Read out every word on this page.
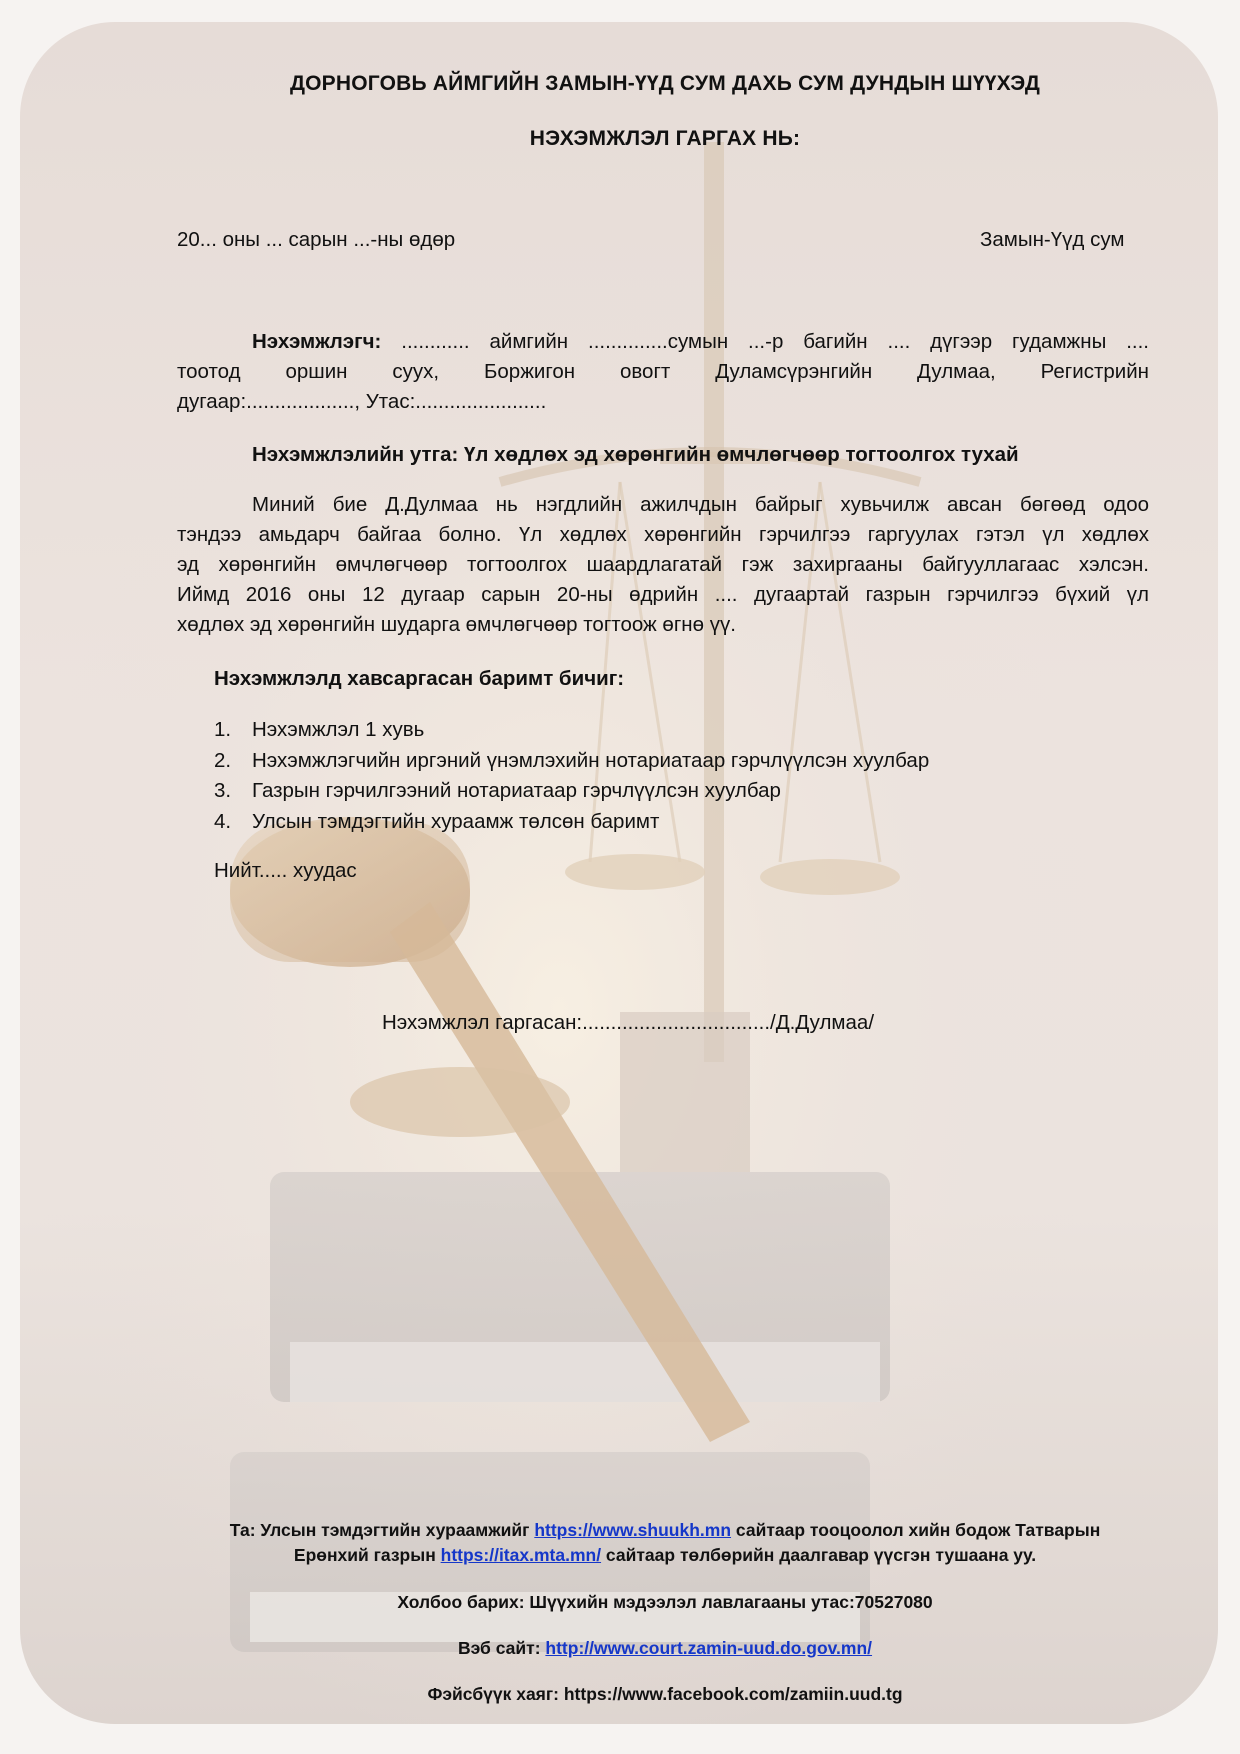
ДОРНОГОВЬ АЙМГИЙН ЗАМЫН-ҮҮД СУМ ДАХЬ СУМ ДУНДЫН ШҮҮХЭД
НЭХЭМЖЛЭЛ ГАРГАХ НЬ:
20... оны ... сарын ...-ны өдөр	Замын-Үүд сум
Нэхэмжлэгч: ............ аймгийн ..............сумын ...-р багийн .... дүгээр гудамжны ....
тоотод оршин суух, Боржигон овогт Дуламсүрэнгийн Дулмаа, Регистрийн
дугаар:..................., Утас:.......................
Нэхэмжлэлийн утга: Үл хөдлөх эд хөрөнгийн өмчлөгчөөр тогтоолгох тухай
Миний бие Д.Дулмаа нь нэгдлийн ажилчдын байрыг хувьчилж авсан бөгөөд одоо
тэндээ амьдарч байгаа болно. Үл хөдлөх хөрөнгийн гэрчилгээ гаргуулах гэтэл үл хөдлөх
эд хөрөнгийн өмчлөгчөөр тогтоолгох шаардлагатай гэж захиргааны байгууллагаас хэлсэн.
Иймд 2016 оны 12 дугаар сарын 20-ны өдрийн .... дугаартай газрын гэрчилгээ бүхий үл
хөдлөх эд хөрөнгийн шударга өмчлөгчөөр тогтоож өгнө үү.
Нэхэмжлэлд хавсаргасан баримт бичиг:
1. Нэхэмжлэл 1 хувь
2. Нэхэмжлэгчийн иргэний үнэмлэхийн нотариатаар гэрчлүүлсэн хуулбар
3. Газрын гэрчилгээний нотариатаар гэрчлүүлсэн хуулбар
4. Улсын тэмдэгтийн хураамж төлсөн баримт
Нийт..... хуудас
Нэхэмжлэл гаргасан:................................./Д.Дулмаа/
Та: Улсын тэмдэгтийн хураамжийг https://www.shuukh.mn сайтаар тооцоолол хийн бодож Татварын
Ерөнхий газрын https://itax.mta.mn/ сайтаар төлбөрийн даалгавар үүсгэн тушаана уу.
Холбоо барих: Шүүхийн мэдээлэл лавлагааны утас:70527080
Вэб сайт: http://www.court.zamin-uud.do.gov.mn/
Фэйсбүүк хаяг: https://www.facebook.com/zamiin.uud.tg
